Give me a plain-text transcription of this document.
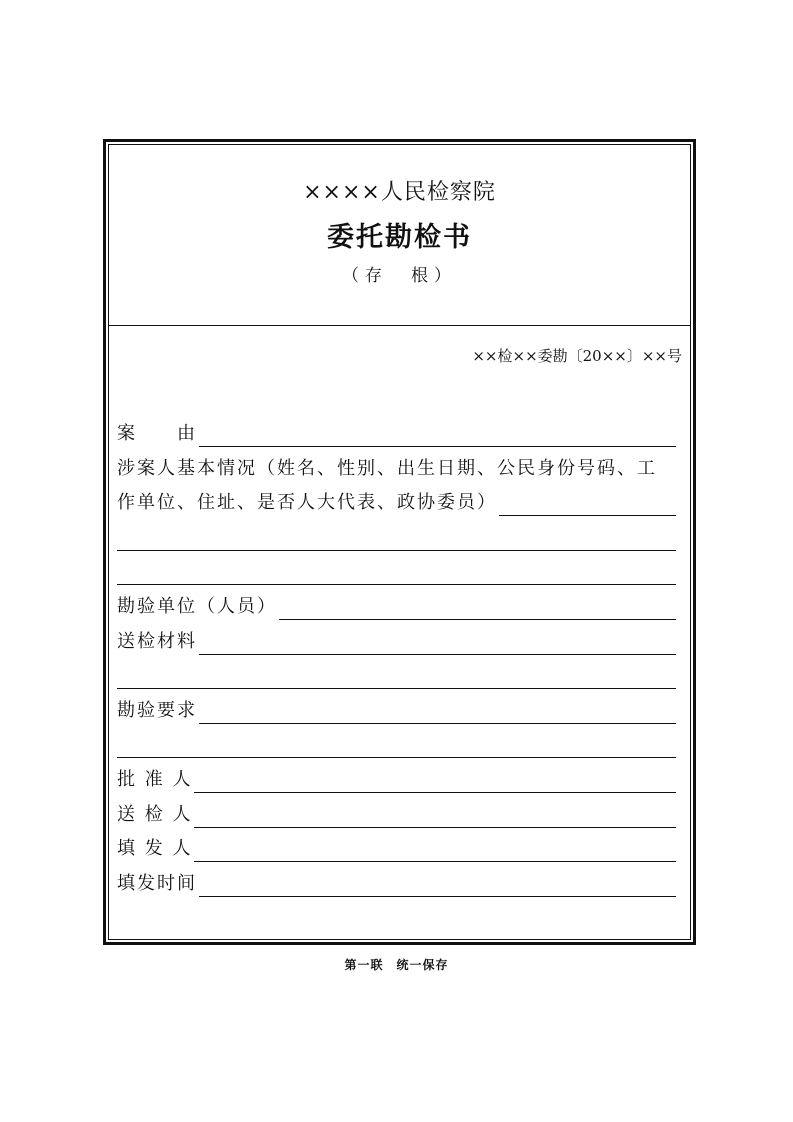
××××人民检察院
委托勘检书
（存　根）
××检××委勘〔20××〕××号
案　　由
涉案人基本情况（姓名、性别、出生日期、公民身份号码、工
作单位、住址、是否人大代表、政协委员）
勘验单位（人员）
送检材料
勘验要求
批 准 人
送 检 人
填 发 人
填发时间
第一联　统一保存
